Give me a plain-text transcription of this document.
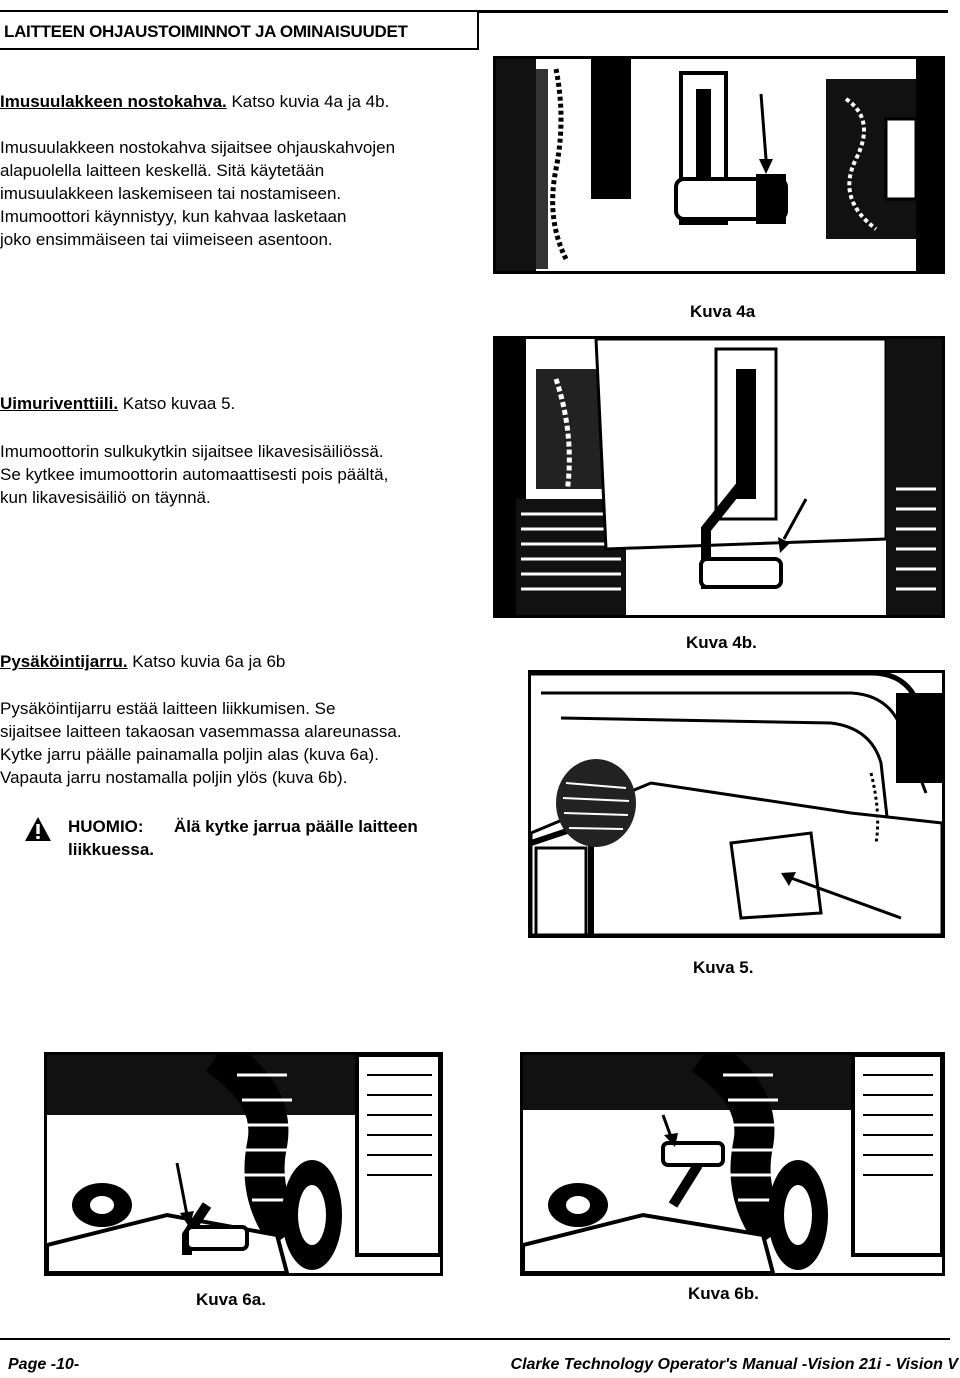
LAITTEEN OHJAUSTOIMINNOT JA OMINAISUUDET
Imusuulakkeen nostokahva. Katso kuvia 4a ja 4b.
Imusuulakkeen nostokahva sijaitsee ohjauskahvojen
alapuolella laitteen keskellä. Sitä käytetään
imusuulakkeen laskemiseen tai nostamiseen.
Imumoottori käynnistyy, kun kahvaa lasketaan
joko ensimmäiseen tai viimeiseen asentoon.
Uimuriventtiili. Katso kuvaa 5.
Imumoottorin sulkukytkin sijaitsee likavesisäiliössä.
Se kytkee imumoottorin automaattisesti pois päältä,
kun likavesisäiliö on täynnä.
Pysäköintijarru. Katso kuvia 6a ja 6b
Pysäköintijarru estää laitteen liikkumisen. Se
sijaitsee laitteen takaosan vasemmassa alareunassa.
Kytke jarru päälle painamalla poljin alas (kuva 6a).
Vapauta jarru nostamalla poljin ylös (kuva 6b).
HUOMIO: Älä kytke jarrua päälle laitteen
liikkuessa.
Kuva 4a
Kuva 4b.
Kuva 5.
Kuva 6a.	Kuva 6b.
Page -10-	Clarke Technology Operator's Manual -Vision 21i - Vision V
